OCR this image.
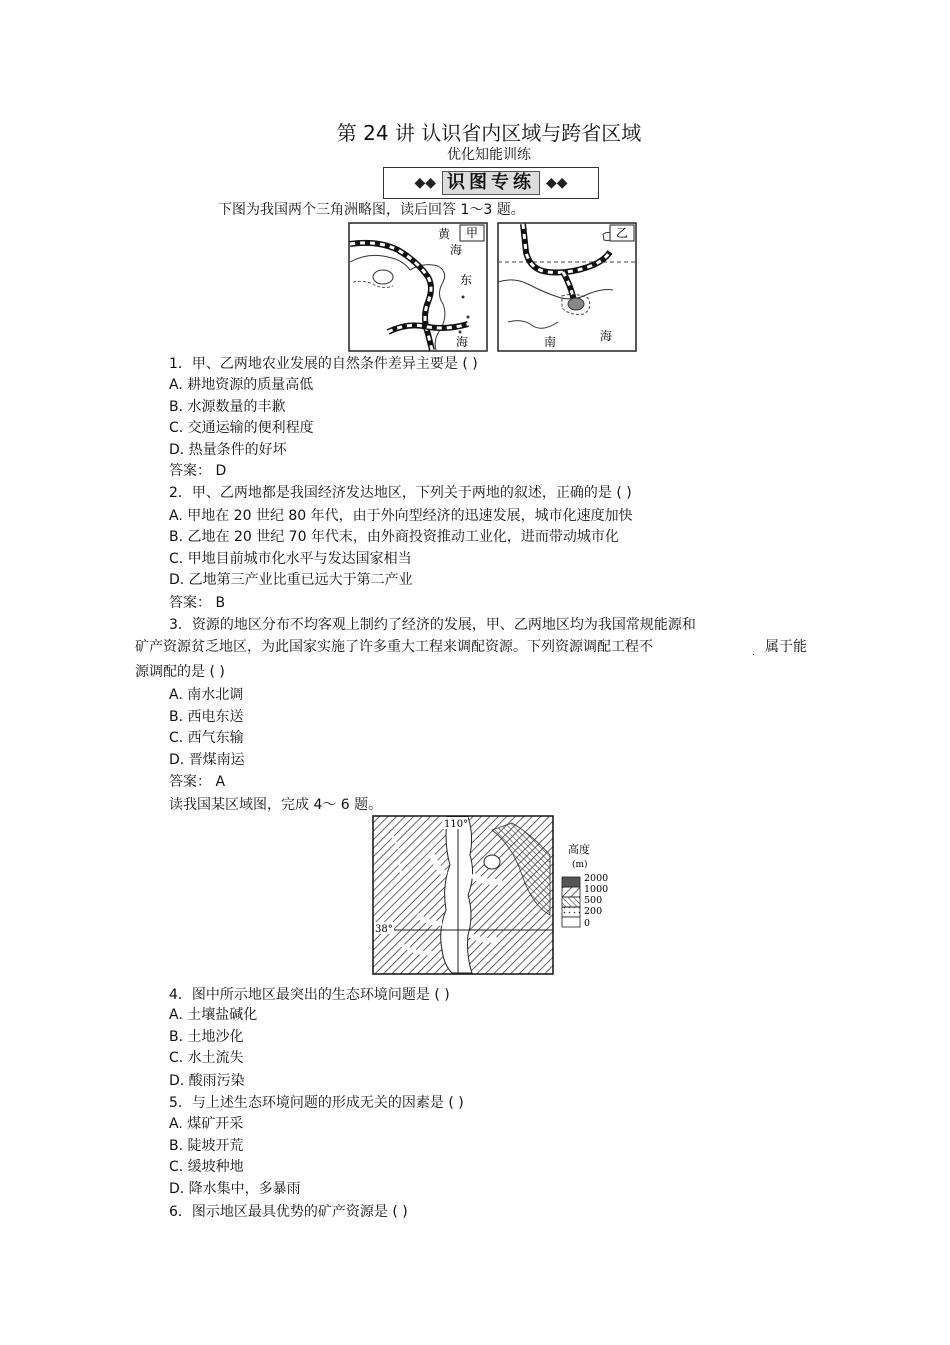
第 24 讲 认识省内区域与跨省区域
优化知能训练
◆◆ 识图专练 ◆◆
下图为我国两个三角洲略图，读后回答 1～3 题。
甲
黄
海
东
海
乙
南	海
1．甲、乙两地农业发展的自然条件差异主要是 ( )
A. 耕地资源的质量高低
B. 水源数量的丰歉
C. 交通运输的便利程度
D. 热量条件的好坏
答案： D
2．甲、乙两地都是我国经济发达地区，下列关于两地的叙述，正确的是 ( )
A. 甲地在 20 世纪 80 年代，由于外向型经济的迅速发展，城市化速度加快
B. 乙地在 20 世纪 70 年代末，由外商投资推动工业化，进而带动城市化
C. 甲地目前城市化水平与发达国家相当
D. 乙地第三产业比重已远大于第二产业
答案： B
3．资源的地区分布不均客观上制约了经济的发展，甲、乙两地区均为我国常规能源和
矿产资源贫乏地区，为此国家实施了许多重大工程来调配资源。下列资源调配工程不	. 属于能
源调配的是 ( )
A. 南水北调
B. 西电东送
C. 西气东输
D. 晋煤南运
答案： A
读我国某区域图，完成 4～ 6 题。
110°
38°
高度
(m)
2000
1000
500
200
0
4．图中所示地区最突出的生态环境问题是 ( )
A. 土壤盐碱化
B. 土地沙化
C. 水土流失
D. 酸雨污染
5．与上述生态环境问题的形成无关的因素是 ( )
A. 煤矿开采
B. 陡坡开荒
C. 缓坡种地
D. 降水集中，多暴雨
6．图示地区最具优势的矿产资源是 ( )
